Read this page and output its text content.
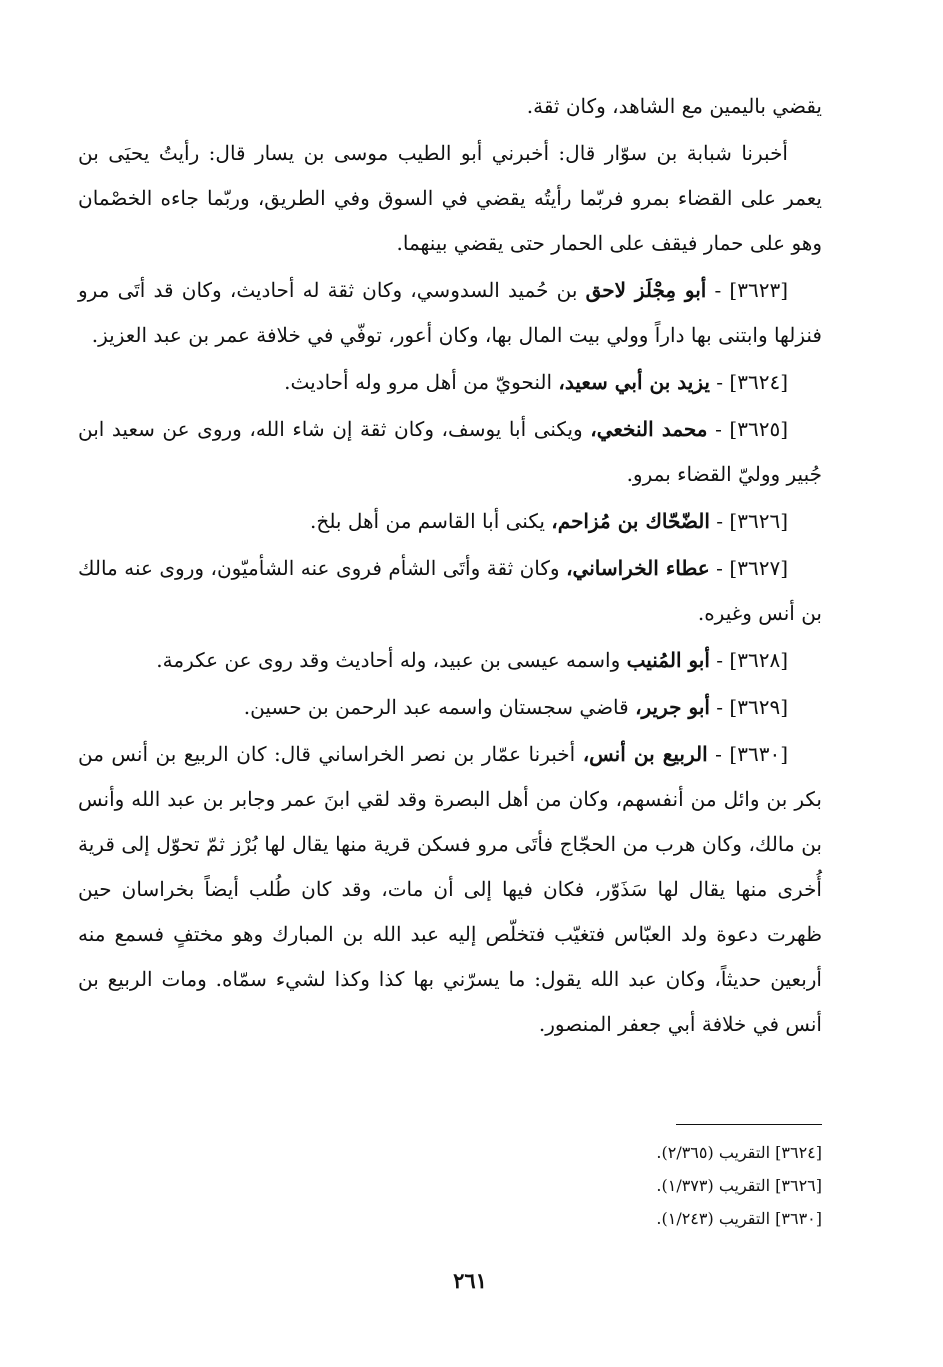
يقضي باليمين مع الشاهد، وكان ثقة.

أخبرنا شبابة بن سوّار قال: أخبرني أبو الطيب موسى بن يسار قال: رأيتُ يحيَى بن يعمر على القضاء بمرو فربّما رأيتُه يقضي في السوق وفي الطريق، وربّما جاءه الخصْمان وهو على حمار فيقف على الحمار حتى يقضي بينهما.

[٣٦٢٣] - أبو مِجْلَز لاحق بن حُميد السدوسي، وكان ثقة له أحاديث، وكان قد أتَى مرو فنزلها وابتنى بها داراً وولي بيت المال بها، وكان أعور، توفّي في خلافة عمر بن عبد العزيز.

[٣٦٢٤] - يزيد بن أبي سعيد، النحويّ من أهل مرو وله أحاديث.

[٣٦٢٥] - محمد النخعي، ويكنى أبا يوسف، وكان ثقة إن شاء الله، وروى عن سعيد ابن جُبير ووليّ القضاء بمرو.

[٣٦٢٦] - الضّحّاك بن مُزاحم، يكنى أبا القاسم من أهل بلخ.

[٣٦٢٧] - عطاء الخراساني، وكان ثقة وأتَى الشأم فروى عنه الشأميّون، وروى عنه مالك بن أنس وغيره.

[٣٦٢٨] - أبو المُنيب واسمه عيسى بن عبيد، وله أحاديث وقد روى عن عكرمة.

[٣٦٢٩] - أبو جرير، قاضي سجستان واسمه عبد الرحمن بن حسين.

[٣٦٣٠] - الربيع بن أنس، أخبرنا عمّار بن نصر الخراساني قال: كان الربيع بن أنس من بكر بن وائل من أنفسهم، وكان من أهل البصرة وقد لقي ابنَ عمر وجابر بن عبد الله وأنس بن مالك، وكان هرب من الحجّاج فأتَى مرو فسكن قرية منها يقال لها بُرْز ثمّ تحوّل إلى قرية أُخرى منها يقال لها سَذَوّر، فكان فيها إلى أن مات، وقد كان طُلب أيضاً بخراسان حين ظهرت دعوة ولد العبّاس فتغيّب فتخلّص إليه عبد الله بن المبارك وهو مختفٍ فسمع منه أربعين حديثاً، وكان عبد الله يقول: ما يسرّني بها كذا وكذا لشيء سمّاه. ومات الربيع بن أنس في خلافة أبي جعفر المنصور.

[٣٦٢٤] التقريب (٢/٣٦٥).

[٣٦٢٦] التقريب (١/٣٧٣).

[٣٦٣٠] التقريب (١/٢٤٣).

٢٦١
